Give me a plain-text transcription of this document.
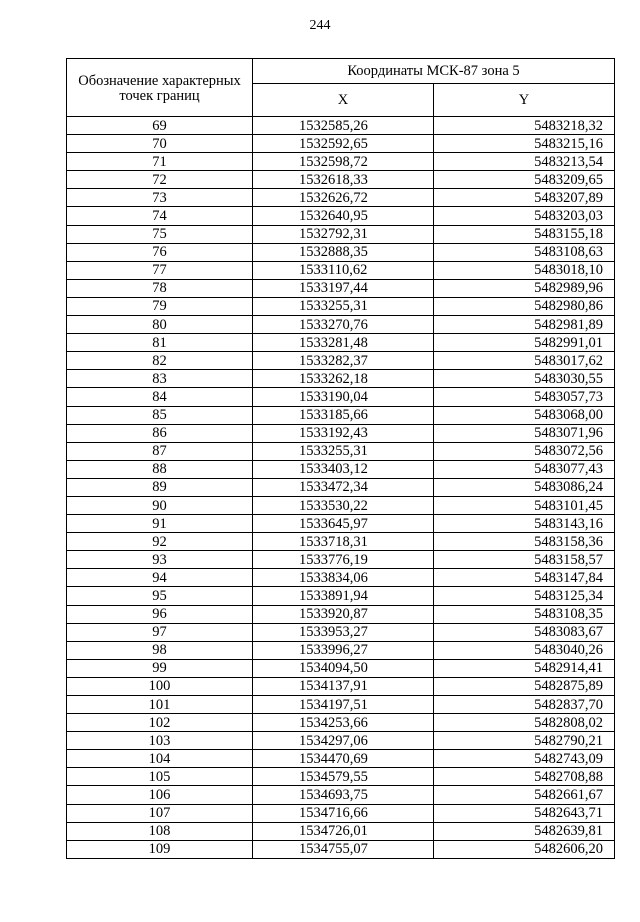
244
Обозначение характерных точек границ	Координаты МСК-87 зона 5	
	X	Y
69	1532585,26	5483218,32
70	1532592,65	5483215,16
71	1532598,72	5483213,54
72	1532618,33	5483209,65
73	1532626,72	5483207,89
74	1532640,95	5483203,03
75	1532792,31	5483155,18
76	1532888,35	5483108,63
77	1533110,62	5483018,10
78	1533197,44	5482989,96
79	1533255,31	5482980,86
80	1533270,76	5482981,89
81	1533281,48	5482991,01
82	1533282,37	5483017,62
83	1533262,18	5483030,55
84	1533190,04	5483057,73
85	1533185,66	5483068,00
86	1533192,43	5483071,96
87	1533255,31	5483072,56
88	1533403,12	5483077,43
89	1533472,34	5483086,24
90	1533530,22	5483101,45
91	1533645,97	5483143,16
92	1533718,31	5483158,36
93	1533776,19	5483158,57
94	1533834,06	5483147,84
95	1533891,94	5483125,34
96	1533920,87	5483108,35
97	1533953,27	5483083,67
98	1533996,27	5483040,26
99	1534094,50	5482914,41
100	1534137,91	5482875,89
101	1534197,51	5482837,70
102	1534253,66	5482808,02
103	1534297,06	5482790,21
104	1534470,69	5482743,09
105	1534579,55	5482708,88
106	1534693,75	5482661,67
107	1534716,66	5482643,71
108	1534726,01	5482639,81
109	1534755,07	5482606,20
